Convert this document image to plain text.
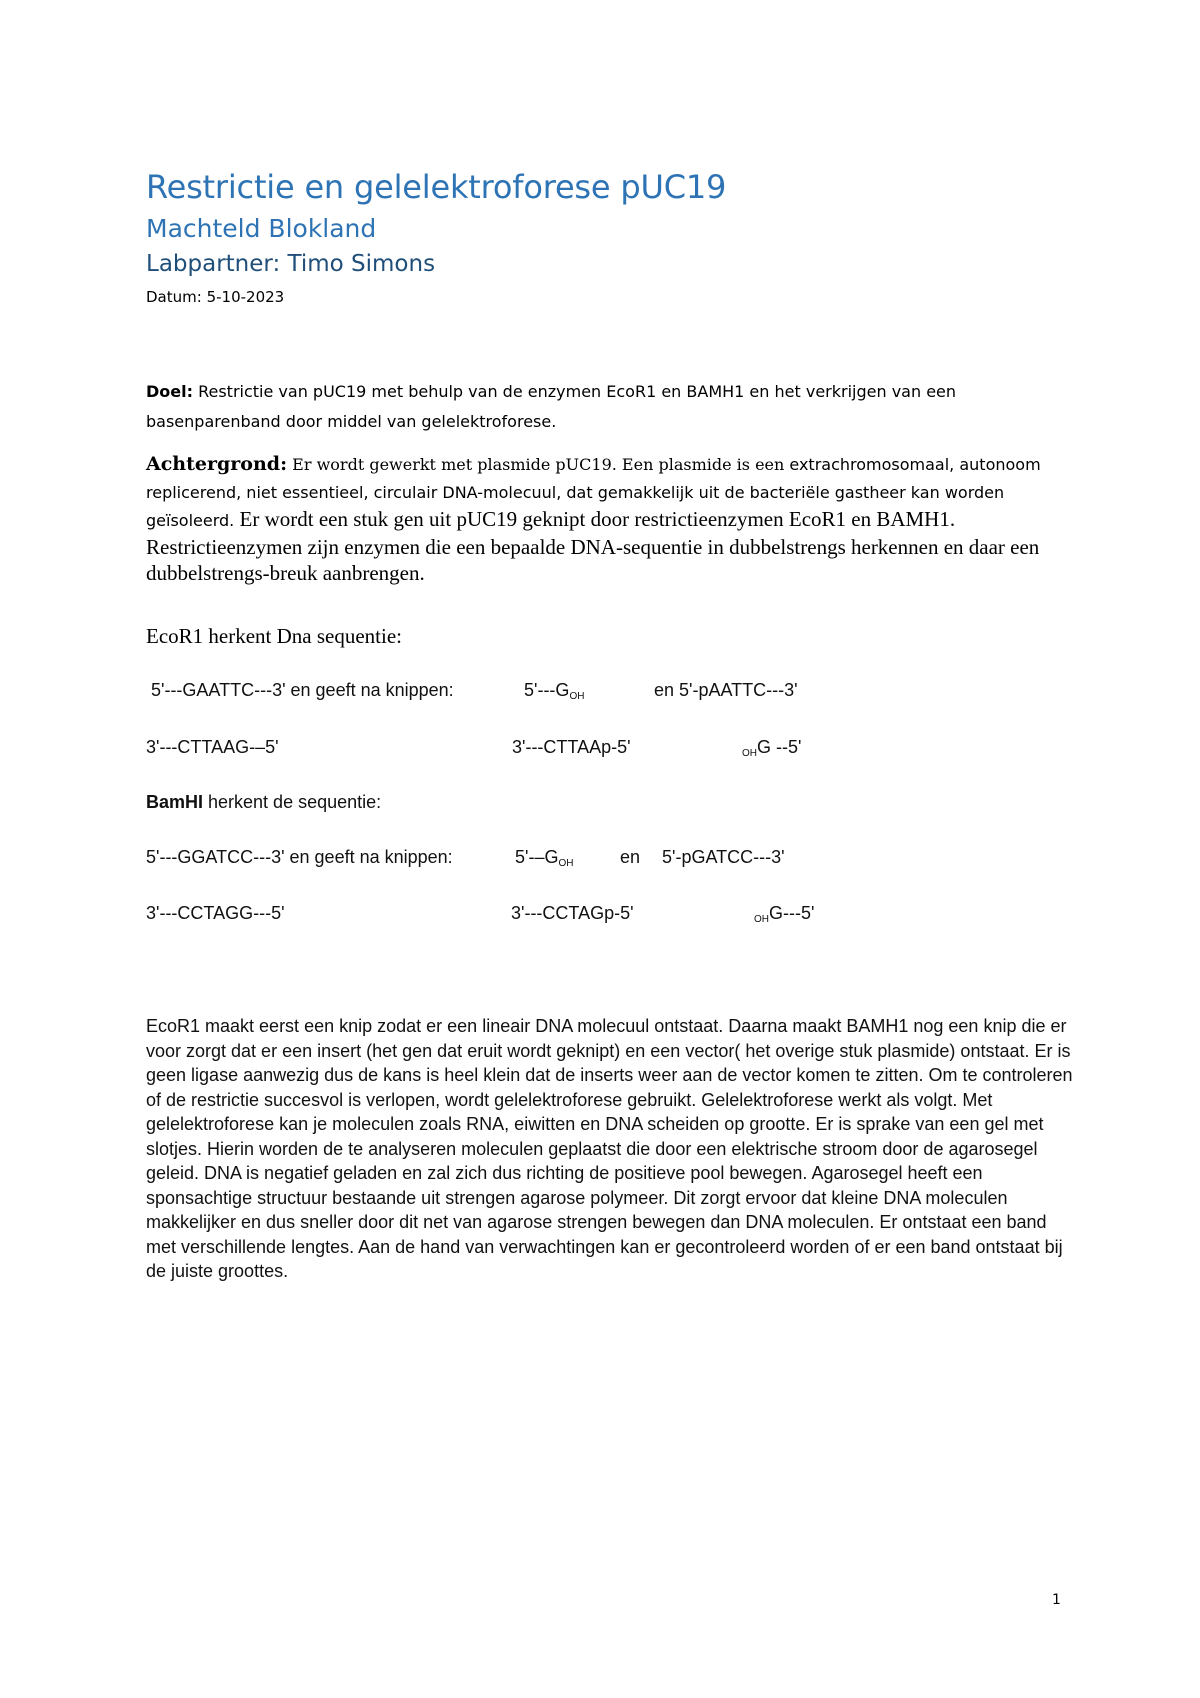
Restrictie en gelelektroforese pUC19
Machteld Blokland
Labpartner: Timo Simons
Datum: 5-10-2023

Doel: Restrictie van pUC19 met behulp van de enzymen EcoR1 en BAMH1 en het verkrijgen van een basenparenband door middel van gelelektroforese.

Achtergrond: Er wordt gewerkt met plasmide pUC19. Een plasmide is een extrachromosomaal, autonoom replicerend, niet essentieel, circulair DNA-molecuul, dat gemakkelijk uit de bacteriële gastheer kan worden geïsoleerd. Er wordt een stuk gen uit pUC19 geknipt door restrictieenzymen EcoR1 en BAMH1. Restrictieenzymen zijn enzymen die een bepaalde DNA-sequentie in dubbelstrengs herkennen en daar een dubbelstrengs-breuk aanbrengen.

EcoR1 herkent Dna sequentie:
5'---GAATTC---3' en geeft na knippen:	$5'---G_{OH}$	en 5'-pAATTC---3'
3'---CTTAAG-–5'	3'---CTTAAp-5'	$_{OH}$G --5'
BamHI herkent de sequentie:
5'---GGATCC---3' en geeft na knippen:	$5'--G_{OH}$	en 5'-pGATCC---3'
3'---CCTAGG---5'	3'---CCTAGp-5'	$_{OH}$G---5'

EcoR1 maakt eerst een knip zodat er een lineair DNA molecuul ontstaat. Daarna maakt BAMH1 nog een knip die er voor zorgt dat er een insert (het gen dat eruit wordt geknipt) en een vector( het overige stuk plasmide) ontstaat. Er is geen ligase aanwezig dus de kans is heel klein dat de inserts weer aan de vector komen te zitten. Om te controleren of de restrictie succesvol is verlopen, wordt gelelektroforese gebruikt. Gelelektroforese werkt als volgt. Met gelelektroforese kan je moleculen zoals RNA, eiwitten en DNA scheiden op grootte. Er is sprake van een gel met slotjes. Hierin worden de te analyseren moleculen geplaatst die door een elektrische stroom door de agarosegel geleid. DNA is negatief geladen en zal zich dus richting de positieve pool bewegen. Agarosegel heeft een sponsachtige structuur bestaande uit strengen agarose polymeer. Dit zorgt ervoor dat kleine DNA moleculen makkelijker en dus sneller door dit net van agarose strengen bewegen dan DNA moleculen. Er ontstaat een band met verschillende lengtes. Aan de hand van verwachtingen kan er gecontroleerd worden of er een band ontstaat bij de juiste groottes.

1
